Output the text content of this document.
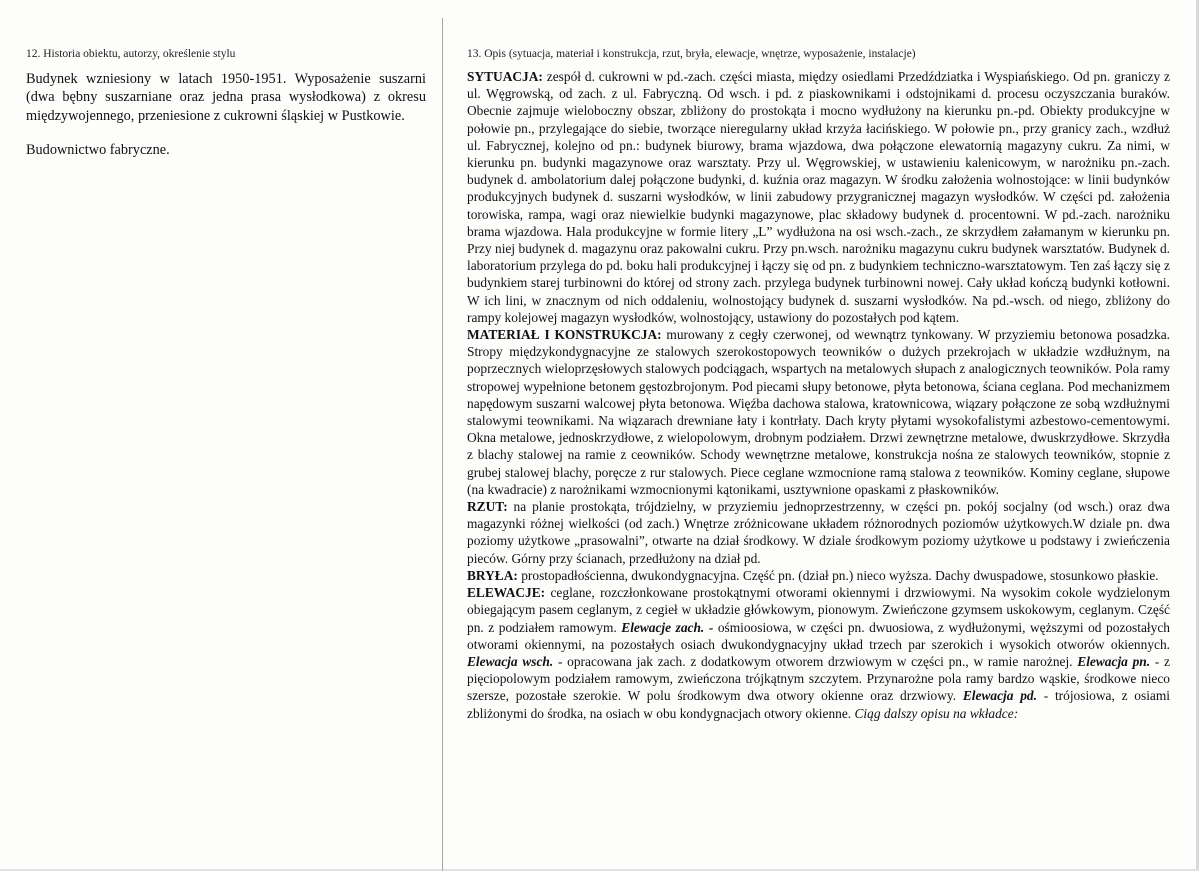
12. Historia obiektu, autorzy, określenie stylu

Budynek wzniesiony w latach 1950-1951. Wyposażenie suszarni (dwa bębny suszarniane oraz jedna prasa wysłodkowa) z okresu międzywojennego, przeniesione z cukrowni śląskiej w Pustkowie.

Budownictwo fabryczne.

13. Opis (sytuacja, materiał i konstrukcja, rzut, bryła, elewacje, wnętrze, wyposażenie, instalacje)
SYTUACJA: zespół d. cukrowni w pd.-zach. części miasta, między osiedlami Przedździatka i Wyspiańskiego. Od pn. graniczy z ul. Węgrowską, od zach. z ul. Fabryczną. Od wsch. i pd. z piaskownikami i odstojnikami d. procesu oczyszczania buraków. Obecnie zajmuje wieloboczny obszar, zbliżony do prostokąta i mocno wydłużony na kierunku pn.-pd. Obiekty produkcyjne w połowie pn., przylegające do siebie, tworzące nieregularny układ krzyża łacińskiego. W połowie pn., przy granicy zach., wzdłuż ul. Fabrycznej, kolejno od pn.: budynek biurowy, brama wjazdowa, dwa połączone elewatornią magazyny cukru. Za nimi, w kierunku pn. budynki magazynowe oraz warsztaty. Przy ul. Węgrowskiej, w ustawieniu kalenicowym, w narożniku pn.-zach. budynek d. ambolatorium dalej połączone budynki, d. kuźnia oraz magazyn. W środku założenia wolnostojące: w linii budynków produkcyjnych budynek d. suszarni wysłodków, w linii zabudowy przygranicznej magazyn wysłodków. W części pd. założenia torowiska, rampa, wagi oraz niewielkie budynki magazynowe, plac składowy budynek d. procentowni. W pd.-zach. narożniku brama wjazdowa. Hala produkcyjne w formie litery „L” wydłużona na osi wsch.-zach., ze skrzydłem załamanym w kierunku pn. Przy niej budynek d. magazynu oraz pakowalni cukru. Przy pn.wsch. narożniku magazynu cukru budynek warsztatów. Budynek d. laboratorium przylega do pd. boku hali produkcyjnej i łączy się od pn. z budynkiem techniczno-warsztatowym. Ten zaś łączy się z budynkiem starej turbinowni do której od strony zach. przylega budynek turbinowni nowej. Cały układ kończą budynki kotłowni. W ich lini, w znacznym od nich oddaleniu, wolnostojący budynek d. suszarni wysłodków. Na pd.-wsch. od niego, zbliżony do rampy kolejowej magazyn wysłodków, wolnostojący, ustawiony do pozostałych pod kątem.
MATERIAŁ I KONSTRUKCJA: murowany z cegły czerwonej, od wewnątrz tynkowany. W przyziemiu betonowa posadzka. Stropy międzykondygnacyjne ze stalowych szerokostopowych teowników o dużych przekrojach w układzie wzdłużnym, na poprzecznych wieloprzęsłowych stalowych podciągach, wspartych na metalowych słupach z analogicznych teowników. Pola ramy stropowej wypełnione betonem gęstozbrojonym. Pod piecami słupy betonowe, płyta betonowa, ściana ceglana. Pod mechanizmem napędowym suszarni walcowej płyta betonowa. Więźba dachowa stalowa, kratownicowa, wiązary połączone ze sobą wzdłużnymi stalowymi teownikami. Na wiązarach drewniane łaty i kontrłaty. Dach kryty płytami wysokofalistymi azbestowo-cementowymi. Okna metalowe, jednoskrzydłowe, z wielopolowym, drobnym podziałem. Drzwi zewnętrzne metalowe, dwuskrzydłowe. Skrzydła z blachy stalowej na ramie z ceowników. Schody wewnętrzne metalowe, konstrukcja nośna ze stalowych teowników, stopnie z grubej stalowej blachy, poręcze z rur stalowych. Piece ceglane wzmocnione ramą stalowa z teowników. Kominy ceglane, słupowe (na kwadracie) z narożnikami wzmocnionymi kątonikami, usztywnione opaskami z płaskowników.
RZUT: na planie prostokąta, trójdzielny, w przyziemiu jednoprzestrzenny, w części pn. pokój socjalny (od wsch.) oraz dwa magazynki różnej wielkości (od zach.) Wnętrze zróżnicowane układem różnorodnych poziomów użytkowych.W dziale pn. dwa poziomy użytkowe „prasowalni”, otwarte na dział środkowy. W dziale środkowym poziomy użytkowe u podstawy i zwieńczenia pieców. Górny przy ścianach, przedłużony na dział pd.
BRYŁA: prostopadłościenna, dwukondygnacyjna. Część pn. (dział pn.) nieco wyższa. Dachy dwuspadowe, stosunkowo płaskie.
ELEWACJE: ceglane, rozczłonkowane prostokątnymi otworami okiennymi i drzwiowymi. Na wysokim cokole wydzielonym obiegającym pasem ceglanym, z cegieł w układzie główkowym, pionowym. Zwieńczone gzymsem uskokowym, ceglanym. Część pn. z podziałem ramowym. Elewacje zach. - ośmioosiowa, w części pn. dwuosiowa, z wydłużonymi, węższymi od pozostałych otworami okiennymi, na pozostałych osiach dwukondygnacyjny układ trzech par szerokich i wysokich otworów okiennych. Elewacja wsch. - opracowana jak zach. z dodatkowym otworem drzwiowym w części pn., w ramie narożnej. Elewacja pn. - z pięciopolowym podziałem ramowym, zwieńczona trójkątnym szczytem. Przynarożne pola ramy bardzo wąskie, środkowe nieco szersze, pozostałe szerokie. W polu środkowym dwa otwory okienne oraz drzwiowy. Elewacja pd. - trójosiowa, z osiami zbliżonymi do środka, na osiach w obu kondygnacjach otwory okienne. Ciąg dalszy opisu na wkładce:
